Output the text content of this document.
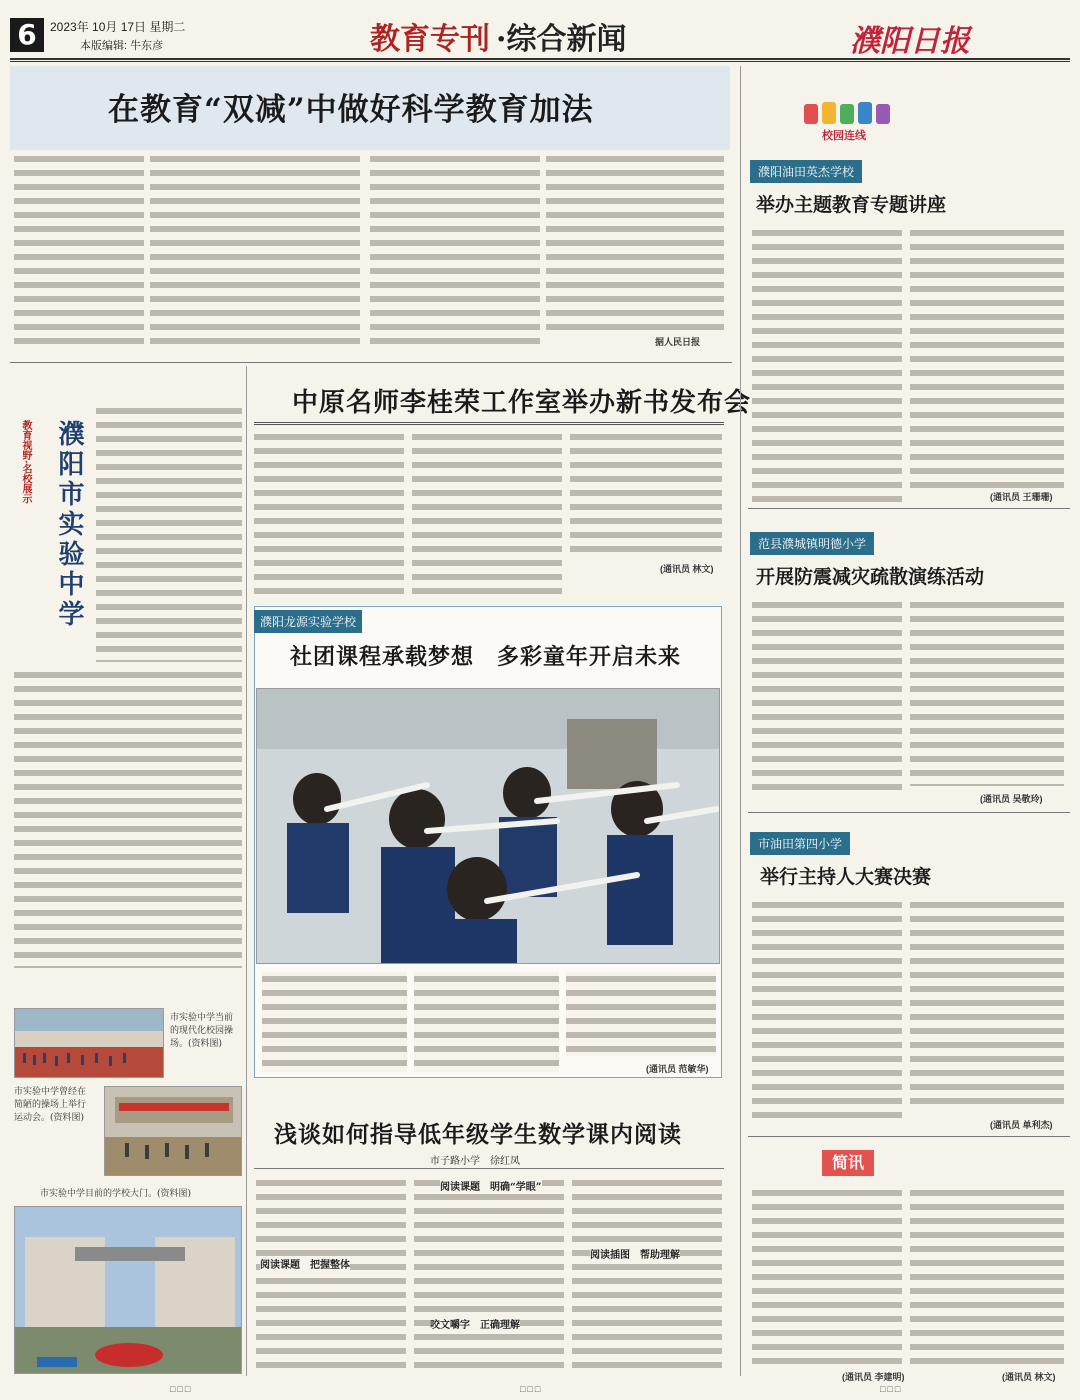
6	2023年 10月 17日 星期二
本版编辑: 牛东彦	教育专刊 ·综合新闻	濮阳日报
在教育“双减”中做好科学教育加法
据人民日报
中原名师李桂荣工作室举办新书发布会
(通讯员 林文)
教育视野·名校展示 濮阳市实验中学
市实验中学当前的现代化校园操场。(资料图)
市实验中学曾经在简陋的操场上举行运动会。(资料图)
市实验中学目前的学校大门。(资料图)
濮阳龙源实验学校
社团课程承载梦想　多彩童年开启未来
(通讯员 范敏华)
浅谈如何指导低年级学生数学课内阅读
市子路小学　徐红凤
阅读课题　把握整体
阅读课题　明确“学眼”
阅读插图　帮助理解
咬文嚼字　正确理解
校园连线
濮阳油田英杰学校
举办主题教育专题讲座
(通讯员 王珊珊)
范县濮城镇明德小学
开展防震减灾疏散演练活动
(通讯员 吴敬玲)
市油田第四小学
举行主持人大赛决赛
(通讯员 单利杰)
简讯
(通讯员 李建明)	(通讯员 林文)
□□□	□□□	□□□
